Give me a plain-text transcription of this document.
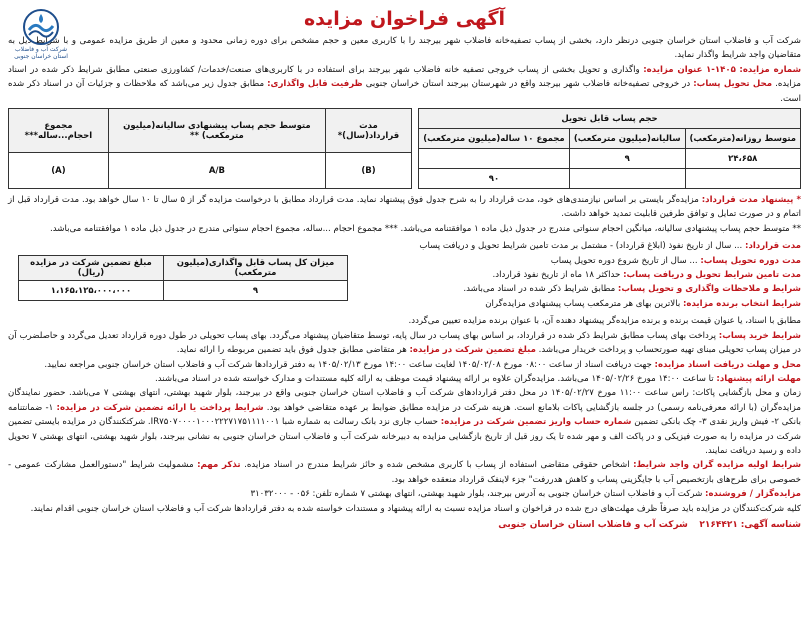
شرکت آب و فاضلاب
استان خراسان جنوبی
آگهی فراخوان مزایده

شرکت آب و فاضلاب استان خراسان جنوبی درنظر دارد، بخشی از پساب تصفیه‌خانه فاضلاب شهر بیرجند را با کاربری معین و حجم مشخص برای دوره زمانی محدود و معین از طریق مزایده عمومی و با شرایط ذیل به متقاضیان واجد شرایط واگذار نماید.

شماره مزایده: ۱۴۰۵-۱ عنوان مزایده: واگذاری و تحویل بخشی از پساب خروجی تصفیه خانه فاضلاب شهر بیرجند برای استفاده در با کاربری‌های صنعت/خدمات/ کشاورزی صنعتی مطابق شرایط ذکر شده در اسناد مزایده. محل تحویل پساب: در خروجی تصفیه‌خانه فاضلاب شهر بیرجند واقع در شهرستان بیرجند استان خراسان جنوبی ظرفیت قابل واگذاری: مطابق جدول زیر می‌باشد که ملاحظات و جزئیات آن در اسناد ذکر شده است.

حجم پساب قابل تحویل		
متوسط روزانه(مترمکعب)	سالیانه(میلیون مترمکعب)	مجموع ۱۰ ساله(میلیون مترمکعب)
۲۴،۶۵۸	۹	
		۹۰
مدت قرارداد(سال)*	متوسط حجم پساب پیشنهادی سالیانه(میلیون مترمکعب) **	مجموع احجام...ساله***
(B)	A/B	(A)

* پیشنهاد مدت قرارداد: مزایده‌گر بایستی بر اساس نیازمندی‌های خود، مدت قرارداد را به شرح جدول فوق پیشنهاد نماید. مدت قرارداد مطابق با درخواست مزایده گر از ۵ سال تا ۱۰ سال خواهد بود. مدت قرارداد قبل از اتمام و در صورت تمایل و توافق طرفین قابلیت تمدید خواهد داشت.

** متوسط حجم پساب پیشنهادی سالیانه، میانگین احجام سنواتی مندرج در جدول ذیل ماده ۱ موافقتنامه می‌باشد. *** مجموع احجام ...ساله، مجموع احجام سنواتی مندرج در جدول ذیل ماده ۱ موافقتنامه می‌باشد.

مدت قرارداد: ... سال از تاریخ نفوذ (ابلاغ قرارداد) - مشتمل بر مدت تامین شرایط تحویل و دریافت پساب

مدت دوره تحویل پساب: ... سال از تاریخ شروع دوره تحویل پساب

مدت تامین شرایط تحویل و دریافت پساب: حداکثر ۱۸ ماه از تاریخ نفوذ قرارداد.

شرایط و ملاحظات واگذاری و تحویل پساب: مطابق شرایط ذکر شده در اسناد می‌باشد.

شرایط انتخاب برنده مزایده: بالاترین بهای هر مترمکعب پساب پیشنهادی مزایده‌گران

میزان کل پساب قابل واگذاری(میلیون مترمکعب)	مبلغ تضمین شرکت در مزایده (ریال)
۹	۱،۱۶۵،۱۲۵،۰۰۰،۰۰۰

مطابق با اسناد، یا عنوان قیمت برنده و برنده مزایده‌گر پیشنهاد دهنده آن، با عنوان برنده مزایده تعیین می‌گردد.

شرایط خرید پساب: پرداخت بهای پساب مطابق شرایط ذکر شده در قرارداد، بر اساس بهای پساب در سال پایه، توسط متقاضیان پیشنهاد می‌گردد. بهای پساب تحویلی در طول دوره قرارداد تعدیل می‌گردد و حاصلضرب آن در میزان پساب تحویلی مبنای تهیه صورتحساب و پرداخت خریدار می‌باشد. مبلغ تضمین شرکت در مزایده: هر متقاضی مطابق جدول فوق باید تضمین مربوطه را ارائه نماید.

محل و مهلت دریافت اسناد مزایده: جهت دریافت اسناد از ساعت ۰۸:۰۰ مورخ ۱۴۰۵/۰۲/۰۸ لغایت ساعت ۱۴:۰۰ مورخ ۱۴۰۵/۰۲/۱۳ به دفتر قراردادها شرکت آب و فاضلاب استان خراسان جنوبی مراجعه نمایید.

مهلت ارائه پیشنهاد: تا ساعت ۱۴:۰۰ مورخ ۱۴۰۵/۰۲/۲۶ می‌باشد. مزایده‌گران علاوه بر ارائه پیشنهاد قیمت موظف به ارائه کلیه مستندات و مدارک خواسته شده در اسناد می‌باشند.

زمان و محل بازگشایی پاکات: راس ساعت ۱۱:۰۰ مورخ ۱۴۰۵/۰۲/۲۷ در محل دفتر قراردادهای شرکت آب و فاضلاب استان خراسان جنوبی واقع در بیرجند، بلوار شهید بهشتی، انتهای بهشتی ۷ می‌باشد. حضور نمایندگان مزایده‌گران (با ارائه معرفی‌نامه رسمی) در جلسه بازگشایی پاکات بلامانع است. هزینه شرکت در مزایده مطابق ضوابط بر عهده متقاضی خواهد بود. شرایط پرداخت یا ارائه تضمین شرکت در مزایده: ۱- ضمانتنامه بانکی ۲- فیش واریز نقدی ۳- چک بانکی تضمین شماره حساب واریز تضمین شرکت در مزایده: حساب جاری نزد بانک رسالت به شماره شبا IR۷۵۰۷۰۰۰۰۱۰۰۰۲۲۲۷۱۷۵۱۱۱۱۰۰۱. شرکتکنندگان در مزایده بایستی تضمین شرکت در مزایده را به صورت فیزیکی و در پاکت الف و مهر شده تا یک روز قبل از تاریخ بازگشایی مزایده به دبیرخانه شرکت آب و فاضلاب استان خراسان جنوبی به نشانی بیرجند، بلوار شهید بهشتی، انتهای بهشتی ۷ تحویل داده و رسید دریافت نمایند.

شرایط اولیه مزایده گران واجد شرایط: اشخاص حقوقی متقاضی استفاده از پساب با کاربری مشخص شده و حائز شرایط مندرج در اسناد مزایده. تذکر مهم: مشمولیت شرایط "دستورالعمل مشارکت عمومی - خصوصی برای طرح‌های بازتخصیص آب با جایگزینی پساب و کاهش هدررفت" جزء لاینفک قرارداد منعقده خواهد بود.

مزایده‌گزار / فروشنده: شرکت آب و فاضلاب استان خراسان جنوبی به آدرس بیرجند، بلوار شهید بهشتی، انتهای بهشتی ۷ شماره تلفن: ۰۵۶ - ۳۱۰۳۲۰۰۰

کلیه شرکت‌کنندگان در مزایده باید صرفاً ظرف مهلت‌های درج شده در فراخوان و اسناد مزایده نسبت به ارائه پیشنهاد و مستندات خواسته شده به دفتر قراردادها شرکت آب و فاضلاب استان خراسان جنوبی اقدام نمایند.

شناسه آگهی: ۲۱۶۴۴۲۱    شرکت آب و فاضلاب استان خراسان جنوبی
